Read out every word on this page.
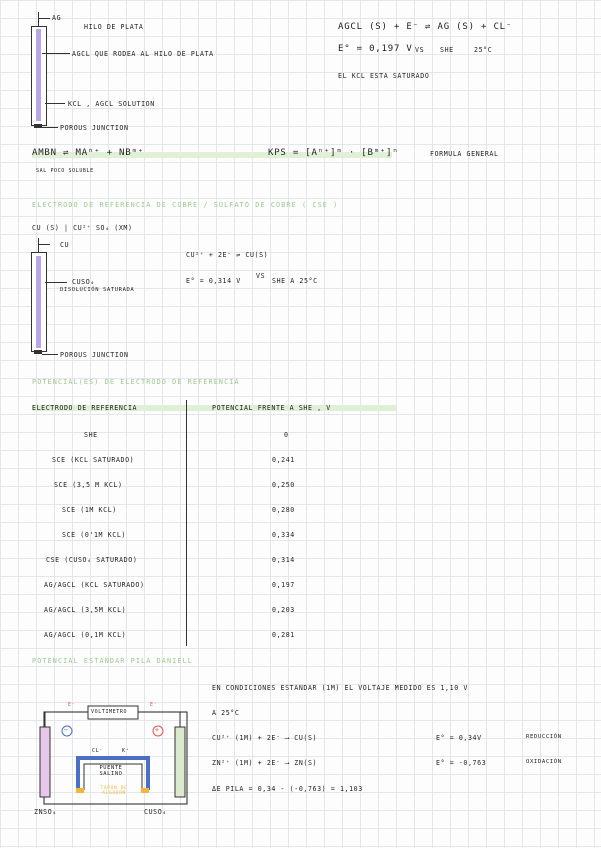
AG
HILO DE PLATA
AGCL QUE RODEA AL HILO DE PLATA
KCL , AGCL SOLUTION
POROUS JUNCTION
AGCL (S) + E⁻ ⇌ AG (S) + CL⁻
E° = 0,197 V VS SHE	25°C
EL KCL ESTA SATURADO
AMBN ⇌ MAⁿ⁺ + NBᵐ⁺	KPS = [Aⁿ⁺]ᵐ · [Bᵐ⁺]ⁿ	FORMULA GENERAL
SAL POCO SOLUBLE
ELECTRODO DE REFERENCIA DE COBRE / SULFATO DE COBRE ( CSE )
CU (S) | CU²⁺ SO₄ (XM)
CU
CUSO₄
DISOLUCIÓN SATURADA
POROUS JUNCTION
CU²⁺ + 2E⁻ ⇌ CU(S)
E° = 0,314 V
VS
SHE A 25°C
POTENCIAL(ES) DE ELECTRODO DE REFERENCIA
ELECTRODO DE REFERENCIA	POTENCIAL FRENTE A SHE , V
SHE	0
SCE (KCL SATURADO)	0,241
SCE (3,5 M KCL)	0,250
SCE (1M KCL)	0,280
SCE (0'1M KCL)	0,334
CSE (CUSO₄ SATURADO)	0,314
AG/AGCL (KCL SATURADO)	0,197
AG/AGCL (3,5M KCL)	0,203
AG/AGCL (0,1M KCL)	0,281
POTENCIAL ESTANDAR PILA DANIELL
EN CONDICIONES ESTANDAR (1M) EL VOLTAJE MEDIDO ES 1,10 V
A 25°C
CU²⁺ (1M) + 2E⁻ ⟶ CU(S)	E° = 0,34V	REDUCCIÓN
ZN²⁺ (1M) + 2E⁻ ⟶ ZN(S)	E° = -0,763	OXIDACIÓN
ΔE PILA = 0,34 - (-0,763) = 1,103
VOLTIMETRO
−	+
E⁻	E⁻
CL⁻	K⁺
PUENTE SALINO
TAPÓN DE ALGODÓN
ZNSO₄	CUSO₄
